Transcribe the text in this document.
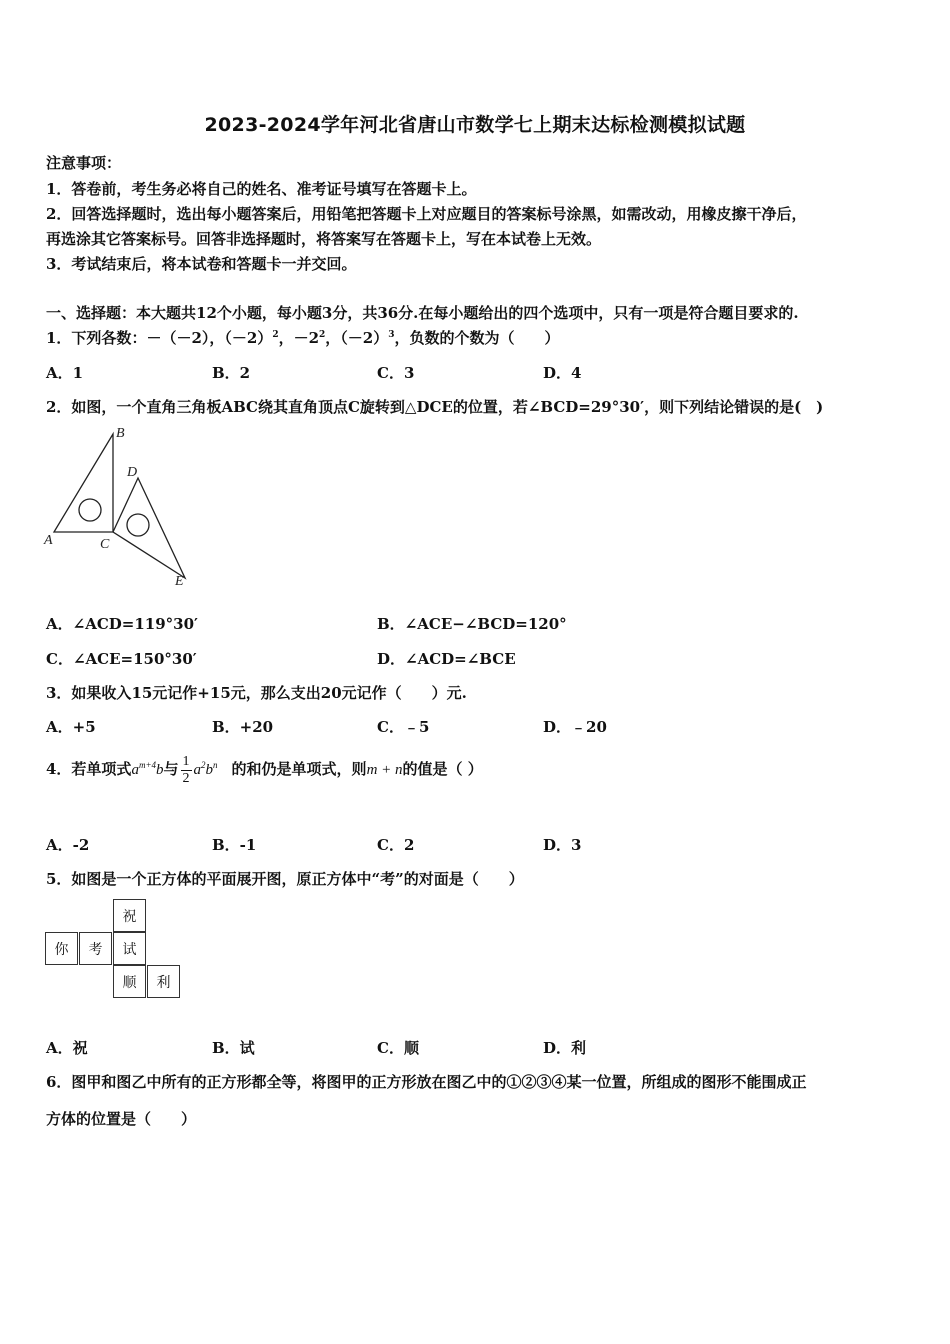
2023-2024学年河北省唐山市数学七上期末达标检测模拟试题
注意事项：
1．答卷前，考生务必将自己的姓名、准考证号填写在答题卡上。
2．回答选择题时，选出每小题答案后，用铅笔把答题卡上对应题目的答案标号涂黑，如需改动，用橡皮擦干净后，
再选涂其它答案标号。回答非选择题时，将答案写在答题卡上，写在本试卷上无效。
3．考试结束后，将本试卷和答题卡一并交回。
一、选择题：本大题共12个小题，每小题3分，共36分.在每小题给出的四个选项中，只有一项是符合题目要求的.
1．下列各数：－（－2），$(-2)^2$，$-2^2$，$(-2)^3$，负数的个数为（　　）
A．1	B．2	C．3	D．4
2．如图，一个直角三角板ABC绕其直角顶点C旋转到△DCE的位置，若∠BCD=29°30′，则下列结论错误的是(　)
B
D
A	C
E
A．∠ACD=119°30′	B．∠ACE−∠BCD=120°
C．∠ACE=150°30′	D．∠ACD=∠BCE
3．如果收入15元记作+15元，那么支出20元记作（　　）元.
A．+5	B．+20	C．﹣5	D．﹣20
4．若单项式$a^{m+4}b$与 $\frac{1}{2} a^2b^n$ 的和仍是单项式，则m + n的值是（ ）
A．-2	B．-1	C．2	D．3
5．如图是一个正方体的平面展开图，原正方体中“考”的对面是（　　）
祝
你	考	试
顺	利
A．祝	B．试	C．顺	D．利
6．图甲和图乙中所有的正方形都全等，将图甲的正方形放在图乙中的①②③④某一位置，所组成的图形不能围成正
方体的位置是（　　）
